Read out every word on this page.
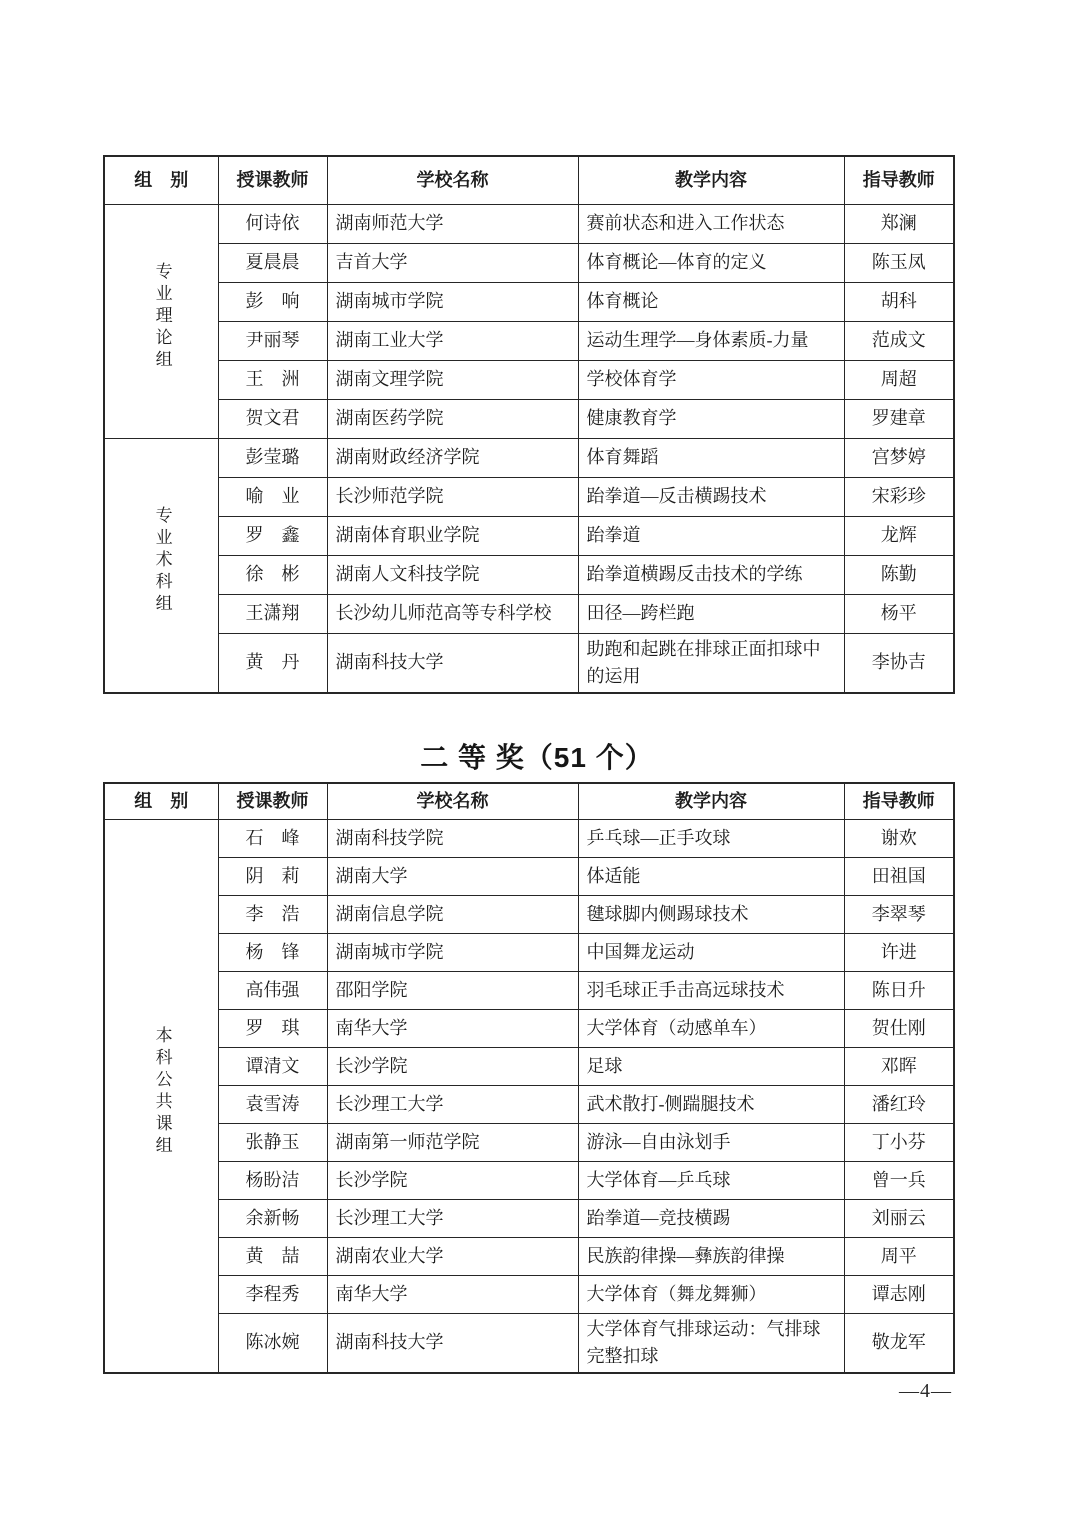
组　别	授课教师	学校名称	教学内容	指导教师
专业理论组	何诗依	湖南师范大学	赛前状态和进入工作状态	郑澜
	夏晨晨	吉首大学	体育概论—体育的定义	陈玉凤
	彭　响	湖南城市学院	体育概论	胡科
	尹丽琴	湖南工业大学	运动生理学—身体素质-力量	范成文
	王　洲	湖南文理学院	学校体育学	周超
	贺文君	湖南医药学院	健康教育学	罗建章
专业术科组	彭莹璐	湖南财政经济学院	体育舞蹈	宫梦婷
	喻　业	长沙师范学院	跆拳道—反击横踢技术	宋彩珍
	罗　鑫	湖南体育职业学院	跆拳道	龙辉
	徐　彬	湖南人文科技学院	跆拳道横踢反击技术的学练	陈勤
	王潇翔	长沙幼儿师范高等专科学校	田径—跨栏跑	杨平
	黄　丹	湖南科技大学	助跑和起跳在排球正面扣球中的运用	李协吉
二 等 奖（51 个）
组　别	授课教师	学校名称	教学内容	指导教师
本科公共课组	石　峰	湖南科技学院	乒乓球—正手攻球	谢欢
	阴　莉	湖南大学	体适能	田祖国
	李　浩	湖南信息学院	毽球脚内侧踢球技术	李翠琴
	杨　锋	湖南城市学院	中国舞龙运动	许进
	高伟强	邵阳学院	羽毛球正手击高远球技术	陈日升
	罗　琪	南华大学	大学体育（动感单车）	贺仕刚
	谭清文	长沙学院	足球	邓晖
	袁雪涛	长沙理工大学	武术散打-侧踹腿技术	潘红玲
	张静玉	湖南第一师范学院	游泳—自由泳划手	丁小芬
	杨盼洁	长沙学院	大学体育—乒乓球	曾一兵
	余新畅	长沙理工大学	跆拳道—竞技横踢	刘丽云
	黄　喆	湖南农业大学	民族韵律操—彝族韵律操	周平
	李程秀	南华大学	大学体育（舞龙舞狮）	谭志刚
	陈冰婉	湖南科技大学	大学体育气排球运动：气排球完整扣球	敬龙军
—4—
